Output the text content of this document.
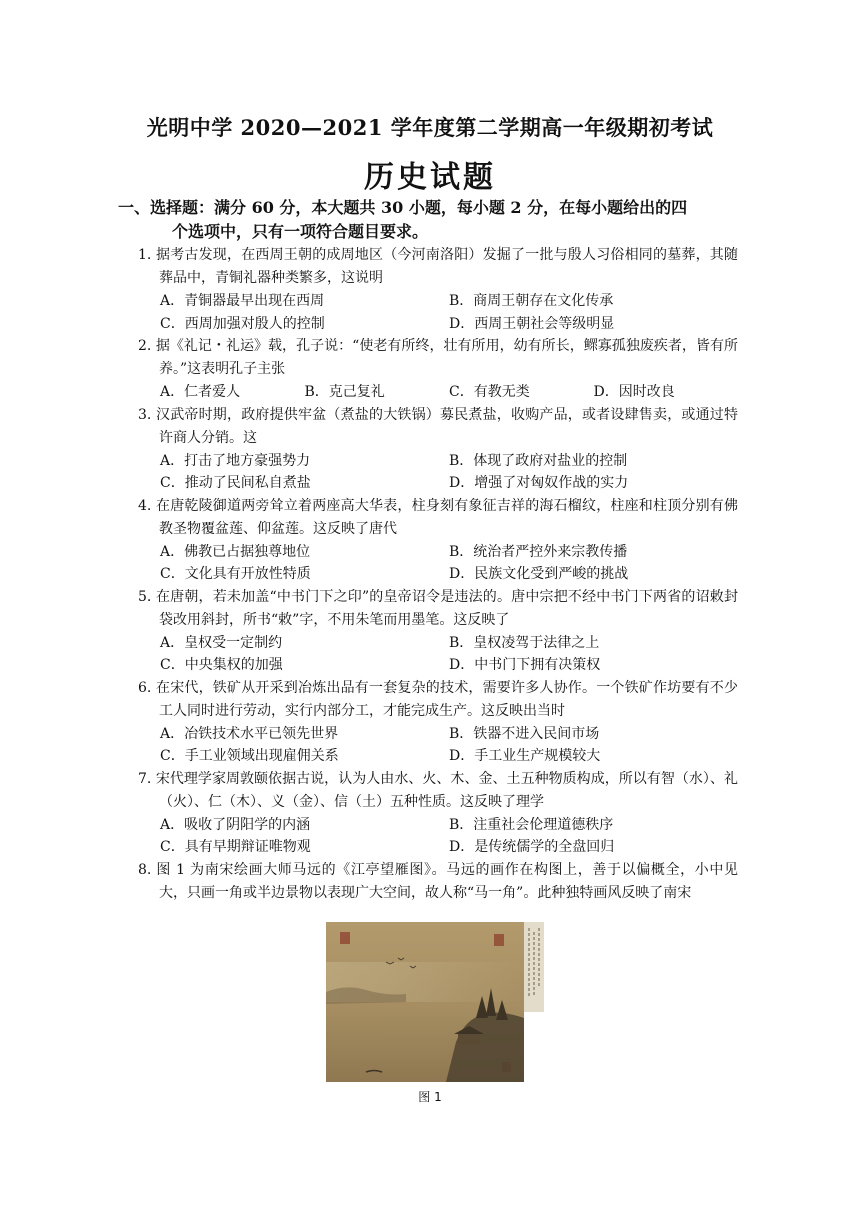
光明中学 2020—2021 学年度第二学期高一年级期初考试
历史试题
一、选择题：满分 60 分，本大题共 30 小题，每小题 2 分，在每小题给出的四
个选项中，只有一项符合题目要求。
1. 据考古发现，在西周王朝的成周地区（今河南洛阳）发掘了一批与殷人习俗相同的墓葬，其随葬品中，青铜礼器种类繁多，这说明
A．青铜器最早出现在西周	B．商周王朝存在文化传承
C．西周加强对殷人的控制	D．西周王朝社会等级明显
2. 据《礼记・礼运》载，孔子说：“使老有所终，壮有所用，幼有所长，鳏寡孤独废疾者，皆有所养。”这表明孔子主张
A．仁者爱人	B．克己复礼	C．有教无类	D．因时改良
3. 汉武帝时期，政府提供牢盆（煮盐的大铁锅）募民煮盐，收购产品，或者设肆售卖，或通过特许商人分销。这
A．打击了地方豪强势力	B．体现了政府对盐业的控制
C．推动了民间私自煮盐	D．增强了对匈奴作战的实力
4. 在唐乾陵御道两旁耸立着两座高大华表，柱身刻有象征吉祥的海石榴纹，柱座和柱顶分别有佛教圣物覆盆莲、仰盆莲。这反映了唐代
A．佛教已占据独尊地位	B．统治者严控外来宗教传播
C．文化具有开放性特质	D．民族文化受到严峻的挑战
5. 在唐朝，若未加盖“中书门下之印”的皇帝诏令是违法的。唐中宗把不经中书门下两省的诏敕封袋改用斜封，所书“敕”字，不用朱笔而用墨笔。这反映了
A．皇权受一定制约	B．皇权凌驾于法律之上
C．中央集权的加强	D．中书门下拥有决策权
6. 在宋代，铁矿从开采到冶炼出品有一套复杂的技术，需要许多人协作。一个铁矿作坊要有不少工人同时进行劳动，实行内部分工，才能完成生产。这反映出当时
A．冶铁技术水平已领先世界	B．铁器不进入民间市场
C．手工业领域出现雇佣关系	D．手工业生产规模较大
7. 宋代理学家周敦颐依据古说，认为人由水、火、木、金、土五种物质构成，所以有智（水）、礼（火）、仁（木）、义（金）、信（土）五种性质。这反映了理学
A．吸收了阴阳学的内涵	B．注重社会伦理道德秩序
C．具有早期辩证唯物观	D．是传统儒学的全盘回归
8. 图 1 为南宋绘画大师马远的《江亭望雁图》。马远的画作在构图上，善于以偏概全，小中见大，只画一角或半边景物以表现广大空间，故人称“马一角”。此种独特画风反映了南宋
图 1
